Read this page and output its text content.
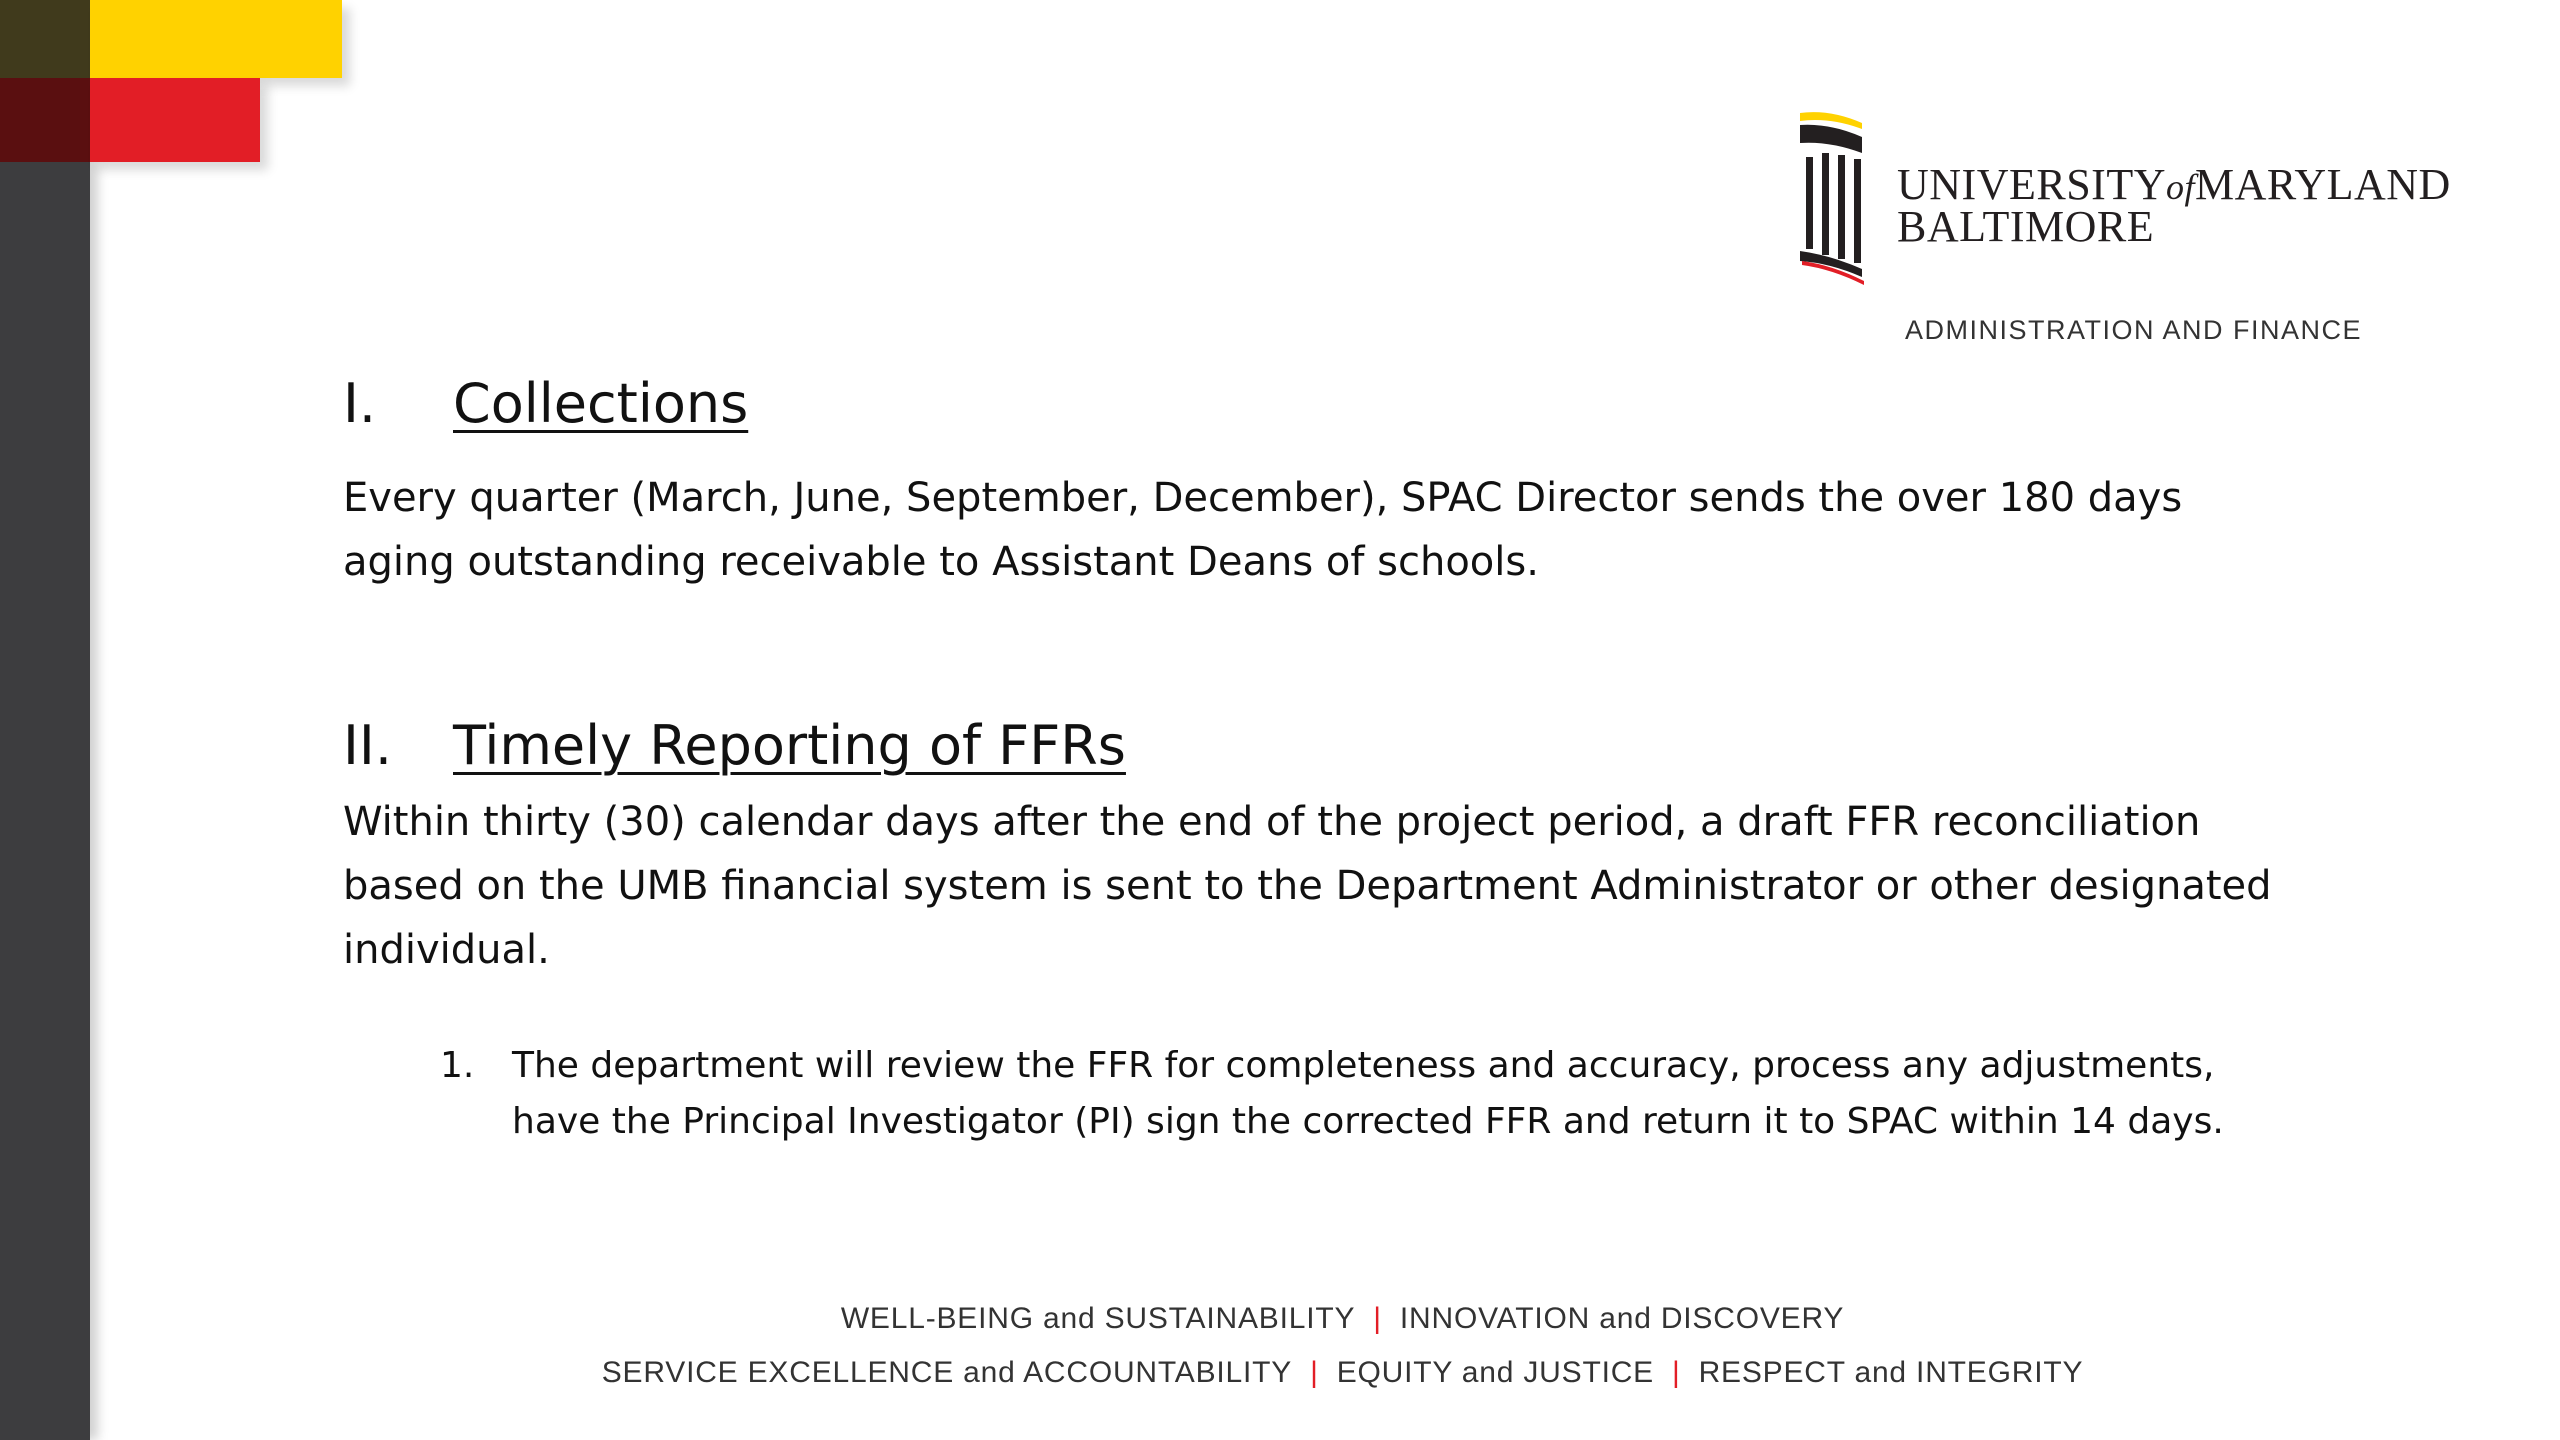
UNIVERSITYofMARYLAND
BALTIMORE
ADMINISTRATION AND FINANCE
I. Collections
Every quarter (March, June, September, December), SPAC Director sends the over 180 days aging outstanding receivable to Assistant Deans of schools.
II. Timely Reporting of FFRs
Within thirty (30) calendar days after the end of the project period, a draft FFR reconciliation based on the UMB financial system is sent to the Department Administrator or other designated individual.
1.	The department will review the FFR for completeness and accuracy, process any adjustments, have the Principal Investigator (PI) sign the corrected FFR and return it to SPAC within 14 days.
WELL-BEING and SUSTAINABILITY | INNOVATION and DISCOVERY
SERVICE EXCELLENCE and ACCOUNTABILITY | EQUITY and JUSTICE | RESPECT and INTEGRITY
